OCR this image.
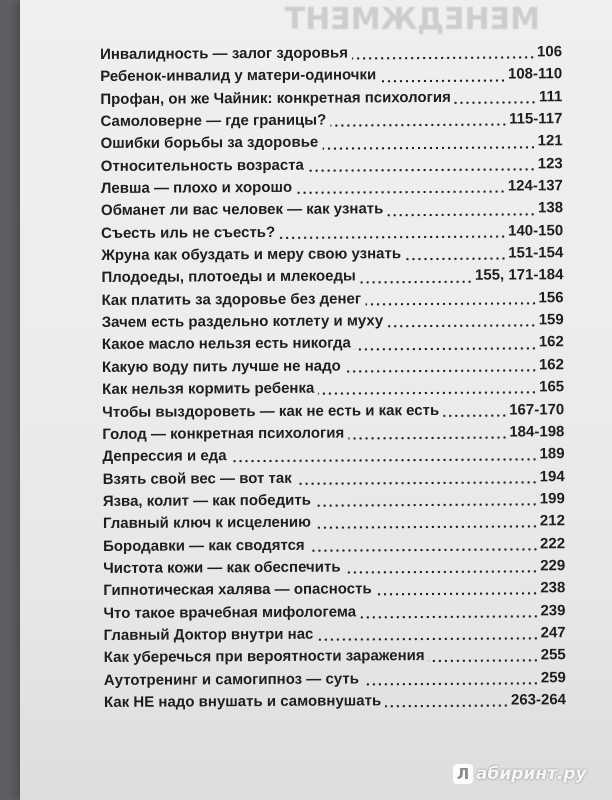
МЕНЕДЖМЕНТ
Инвалидность — залог здоровья	106
Ребенок-инвалид у матери-одиночки	108-110
Профан, он же Чайник: конкретная психология	111
Самоловерне — где границы?	115-117
Ошибки борьбы за здоровье	121
Относительность возраста	123
Левша — плохо и хорошо	124-137
Обманет ли вас человек — как узнать	138
Съесть иль не съесть?	140-150
Жрунa как обуздать и меру свою узнать	151-154
Плодоеды, плотоеды и млекоеды	155, 171-184
Как платить за здоровье без денег	156
Зачем есть раздельно котлету и муху	159
Какое масло нельзя есть никогда	162
Какую воду пить лучше не надо	162
Как нельзя кормить ребенка	165
Чтобы выздороветь — как не есть и как есть	167-170
Голод — конкретная психология	184-198
Депрессия и еда	189
Взять свой вес — вот так	194
Язва, колит — как победить	199
Главный ключ к исцелению	212
Бородавки — как сводятся	222
Чистота кожи — как обеспечить	229
Гипнотическая халява — опасность	238
Что такое врачебная мифологема	239
Главный Доктор внутри нас	247
Как уберечься при вероятности заражения	255
Аутотренинг и самогипноз — суть	259
Как НЕ надо внушать и самовнушать	263-264
Л абиринт.ру
